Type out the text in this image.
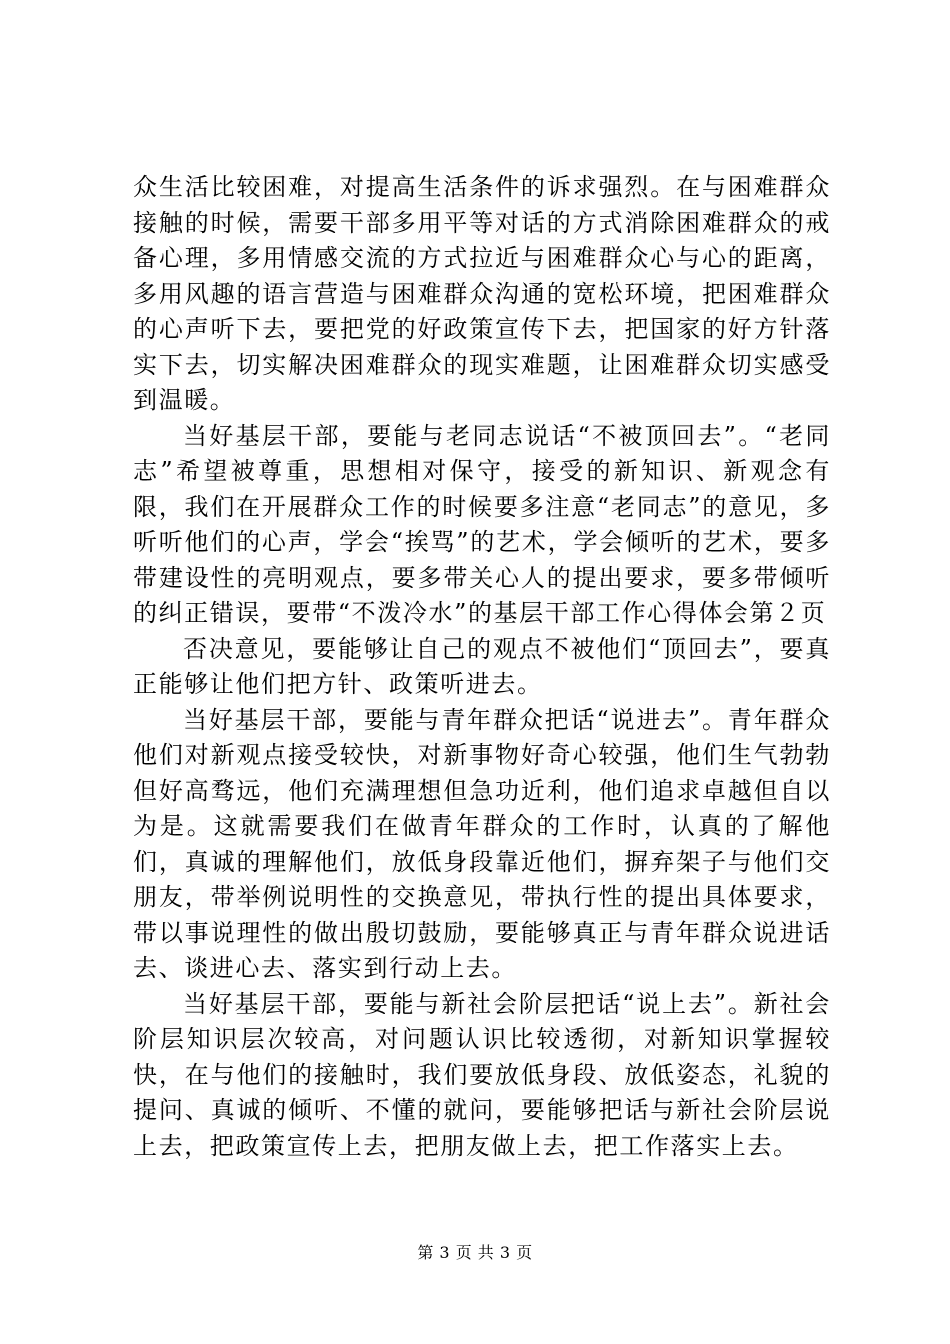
众生活比较困难，对提高生活条件的诉求强烈。在与困难群众接触的时候，需要干部多用平等对话的方式消除困难群众的戒备心理，多用情感交流的方式拉近与困难群众心与心的距离，多用风趣的语言营造与困难群众沟通的宽松环境，把困难群众的心声听下去，要把党的好政策宣传下去，把国家的好方针落实下去，切实解决困难群众的现实难题，让困难群众切实感受到温暖。

当好基层干部，要能与老同志说话“不被顶回去”。“老同志”希望被尊重，思想相对保守，接受的新知识、新观念有限，我们在开展群众工作的时候要多注意“老同志”的意见，多听听他们的心声，学会“挨骂”的艺术，学会倾听的艺术，要多带建设性的亮明观点，要多带关心人的提出要求，要多带倾听的纠正错误，要带“不泼冷水”的基层干部工作心得体会第２页

否决意见，要能够让自己的观点不被他们“顶回去”，要真正能够让他们把方针、政策听进去。

当好基层干部，要能与青年群众把话“说进去”。青年群众他们对新观点接受较快，对新事物好奇心较强，他们生气勃勃但好高骛远，他们充满理想但急功近利，他们追求卓越但自以为是。这就需要我们在做青年群众的工作时，认真的了解他们，真诚的理解他们，放低身段靠近他们，摒弃架子与他们交朋友，带举例说明性的交换意见，带执行性的提出具体要求，带以事说理性的做出殷切鼓励，要能够真正与青年群众说进话去、谈进心去、落实到行动上去。

当好基层干部，要能与新社会阶层把话“说上去”。新社会阶层知识层次较高，对问题认识比较透彻，对新知识掌握较快，在与他们的接触时，我们要放低身段、放低姿态，礼貌的提问、真诚的倾听、不懂的就问，要能够把话与新社会阶层说上去，把政策宣传上去，把朋友做上去，把工作落实上去。

第 3 页 共 3 页
